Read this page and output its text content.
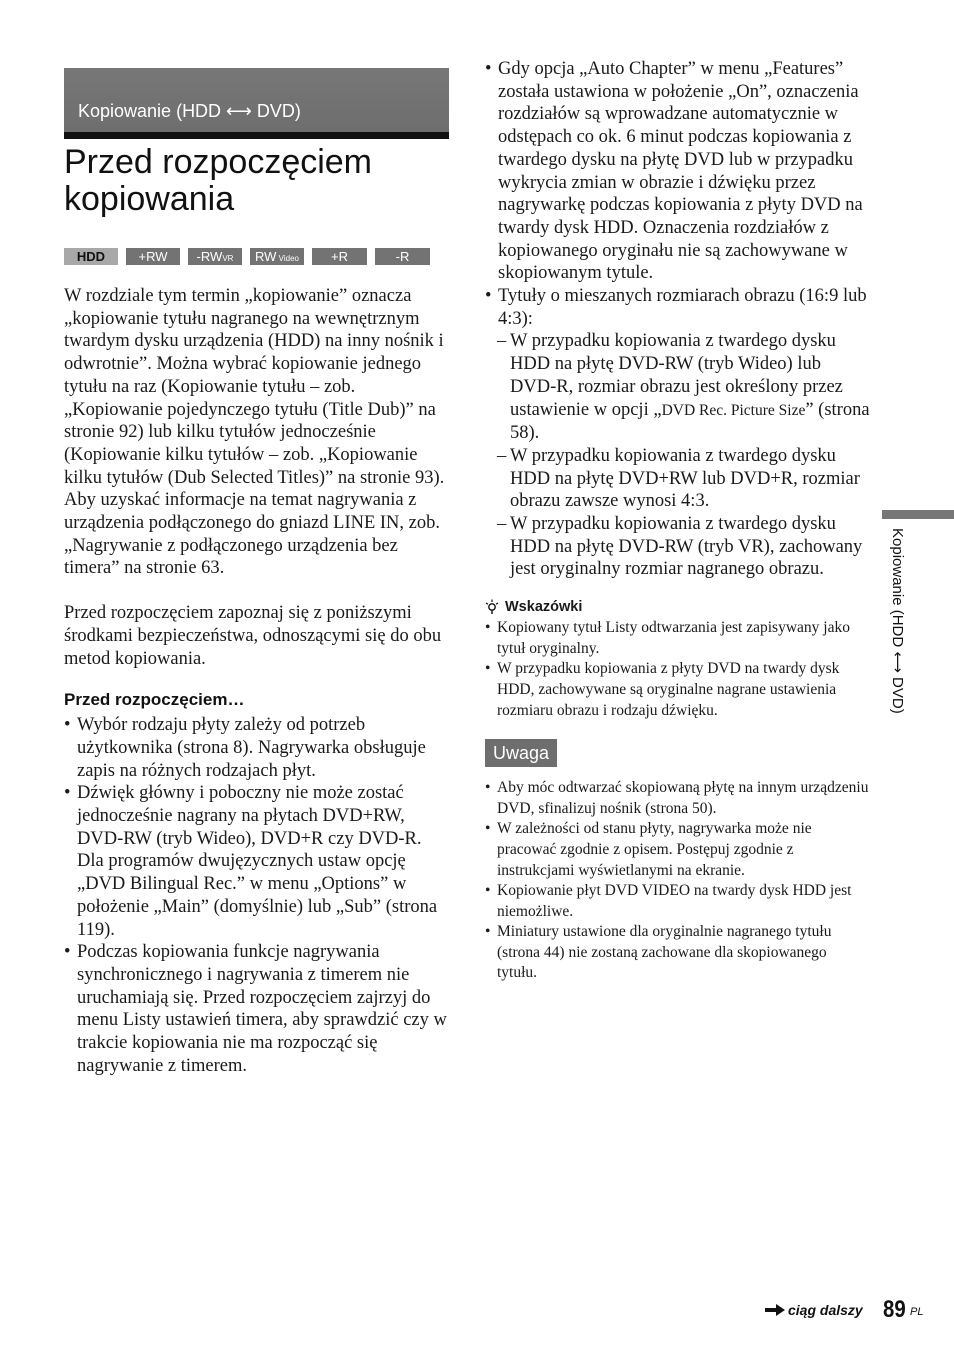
Kopiowanie (HDD ⟷ DVD)
Przed rozpoczęciem kopiowania
HDD	+RW	-RW VR
-RW $_{Video}$	+R	-R

W rozdziale tym termin „kopiowanie” oznacza „kopiowanie tytułu nagranego na wewnętrznym twardym dysku urządzenia (HDD) na inny nośnik i odwrotnie”. Można wybrać kopiowanie jednego tytułu na raz (Kopiowanie tytułu – zob. „Kopiowanie pojedynczego tytułu (Title Dub)” na stronie 92) lub kilku tytułów jednocześnie (Kopiowanie kilku tytułów – zob. „Kopiowanie kilku tytułów (Dub Selected Titles)” na stronie 93).

Aby uzyskać informacje na temat nagrywania z urządzenia podłączonego do gniazd LINE IN, zob. „Nagrywanie z podłączonego urządzenia bez timera” na stronie 63.

Przed rozpoczęciem zapoznaj się z poniższymi środkami bezpieczeństwa, odnoszącymi się do obu metod kopiowania.

Przed rozpoczęciem…
• Wybór rodzaju płyty zależy od potrzeb użytkownika (strona 8). Nagrywarka obsługuje zapis na różnych rodzajach płyt.
• Dźwięk główny i poboczny nie może zostać jednocześnie nagrany na płytach DVD+RW, DVD-RW (tryb Wideo), DVD+R czy DVD-R. Dla programów dwujęzycznych ustaw opcję „DVD Bilingual Rec.” w menu „Options” w położenie „Main” (domyślnie) lub „Sub” (strona 119).
• Podczas kopiowania funkcje nagrywania synchronicznego i nagrywania z timerem nie uruchamiają się. Przed rozpoczęciem zajrzyj do menu Listy ustawień timera, aby sprawdzić czy w trakcie kopiowania nie ma rozpocząć się nagrywanie z timerem.
• Gdy opcja „Auto Chapter” w menu „Features” została ustawiona w położenie „On”, oznaczenia rozdziałów są wprowadzane automatycznie w odstępach co ok. 6 minut podczas kopiowania z twardego dysku na płytę DVD lub w przypadku wykrycia zmian w obrazie i dźwięku przez nagrywarkę podczas kopiowania z płyty DVD na twardy dysk HDD. Oznaczenia rozdziałów z kopiowanego oryginału nie są zachowywane w skopiowanym tytule.
• Tytuły o mieszanych rozmiarach obrazu (16:9 lub 4:3):
– W przypadku kopiowania z twardego dysku HDD na płytę DVD-RW (tryb Wideo) lub DVD-R, rozmiar obrazu jest określony przez ustawienie w opcji „DVD Rec. Picture Size” (strona 58).
– W przypadku kopiowania z twardego dysku HDD na płytę DVD+RW lub DVD+R, rozmiar obrazu zawsze wynosi 4:3.
– W przypadku kopiowania z twardego dysku HDD na płytę DVD-RW (tryb VR), zachowany jest oryginalny rozmiar nagranego obrazu.
Wskazówki
• Kopiowany tytuł Listy odtwarzania jest zapisywany jako tytuł oryginalny.
• W przypadku kopiowania z płyty DVD na twardy dysk HDD, zachowywane są oryginalne nagrane ustawienia rozmiaru obrazu i rodzaju dźwięku.
Uwaga
• Aby móc odtwarzać skopiowaną płytę na innym urządzeniu DVD, sfinalizuj nośnik (strona 50).
• W zależności od stanu płyty, nagrywarka może nie pracować zgodnie z opisem. Postępuj zgodnie z instrukcjami wyświetlanymi na ekranie.
• Kopiowanie płyt DVD VIDEO na twardy dysk HDD jest niemożliwe.
• Miniatury ustawione dla oryginalnie nagranego tytułu (strona 44) nie zostaną zachowane dla skopiowanego tytułu.
Kopiowanie (HDD ⟷ DVD)
ciąg dalszy 89 PL
